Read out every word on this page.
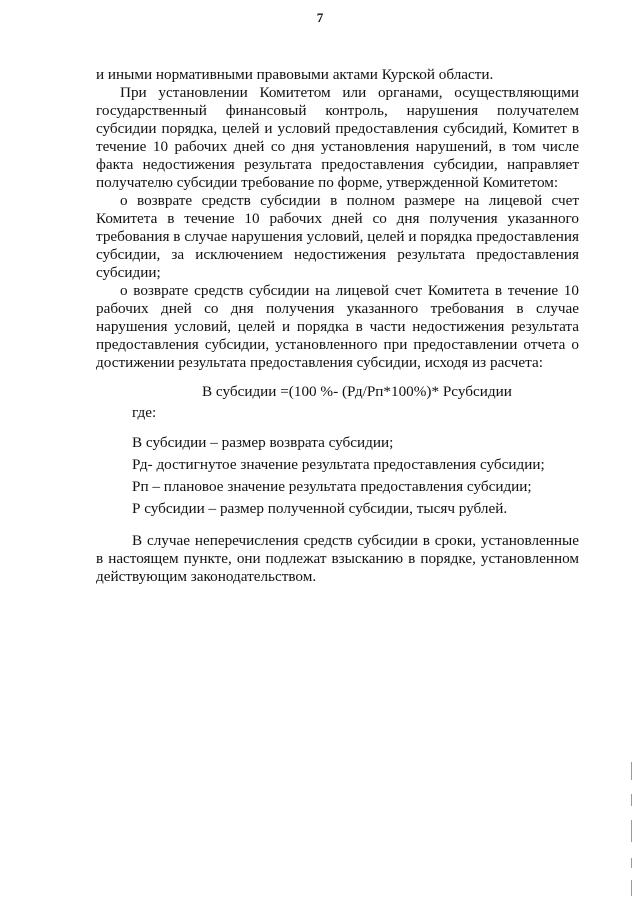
7

и иными нормативными правовыми актами Курской области.

При установлении Комитетом или органами, осуществляющими государственный финансовый контроль, нарушения получателем субсидии порядка, целей и условий предоставления субсидий, Комитет в течение 10 рабочих дней со дня установления нарушений, в том числе факта недостижения результата предоставления субсидии, направляет получателю субсидии требование по форме, утвержденной Комитетом:

о возврате средств субсидии в полном размере на лицевой счет Комитета в течение 10 рабочих дней со дня получения указанного требования в случае нарушения условий, целей и порядка предоставления субсидии, за исключением недостижения результата предоставления субсидии;

о возврате средств субсидии на лицевой счет Комитета в течение 10 рабочих дней со дня получения указанного требования в случае нарушения условий, целей и порядка в части недостижения результата предоставления субсидии, установленного при предоставлении отчета о достижении результата предоставления субсидии, исходя из расчета:

В субсидии =(100 %- (Рд/Рп*100%)* Рсубсидии
где:
В субсидии – размер возврата субсидии;
Рд- достигнутое значение результата предоставления субсидии;
Рп – плановое значение результата предоставления субсидии;
Р субсидии – размер полученной субсидии, тысяч рублей.

В случае неперечисления средств субсидии в сроки, установленные в настоящем пункте, они подлежат взысканию в порядке, установленном действующим законодательством.
